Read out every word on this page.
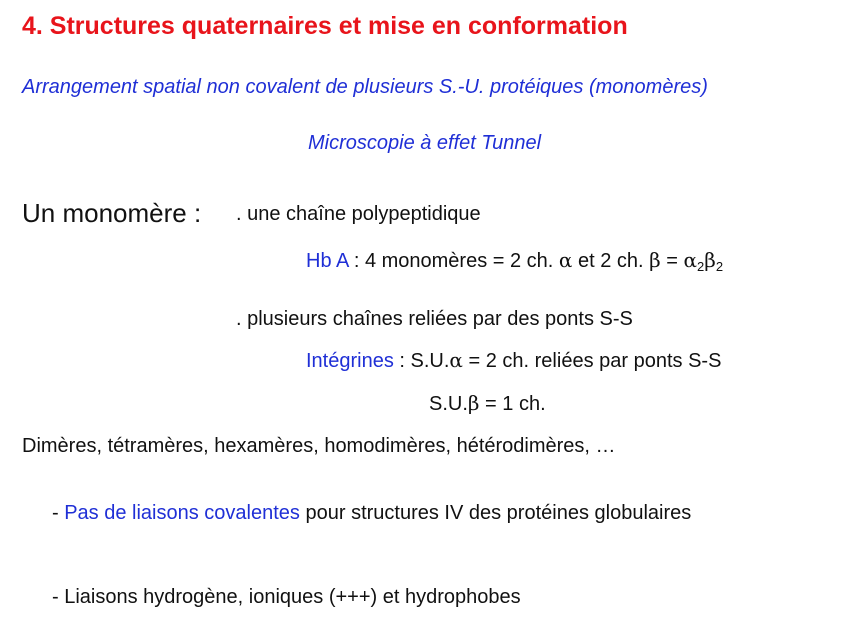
4. Structures quaternaires et mise en conformation
Arrangement spatial non covalent de plusieurs S.-U. protéiques (monomères)
Microscopie à effet Tunnel
Un monomère : . une chaîne polypeptidique
Hb A : 4 monomères = 2 ch. α et 2 ch. $\beta = \alpha_2\beta_2$
. plusieurs chaînes reliées par des ponts S-S
Intégrines : S.U.α = 2 ch. reliées par ponts S-S
S.U.β = 1 ch.
Dimères, tétramères, hexamères, homodimères, hétérodimères, …
- Pas de liaisons covalentes pour structures IV des protéines globulaires
- Liaisons hydrogène, ioniques (+++) et hydrophobes
